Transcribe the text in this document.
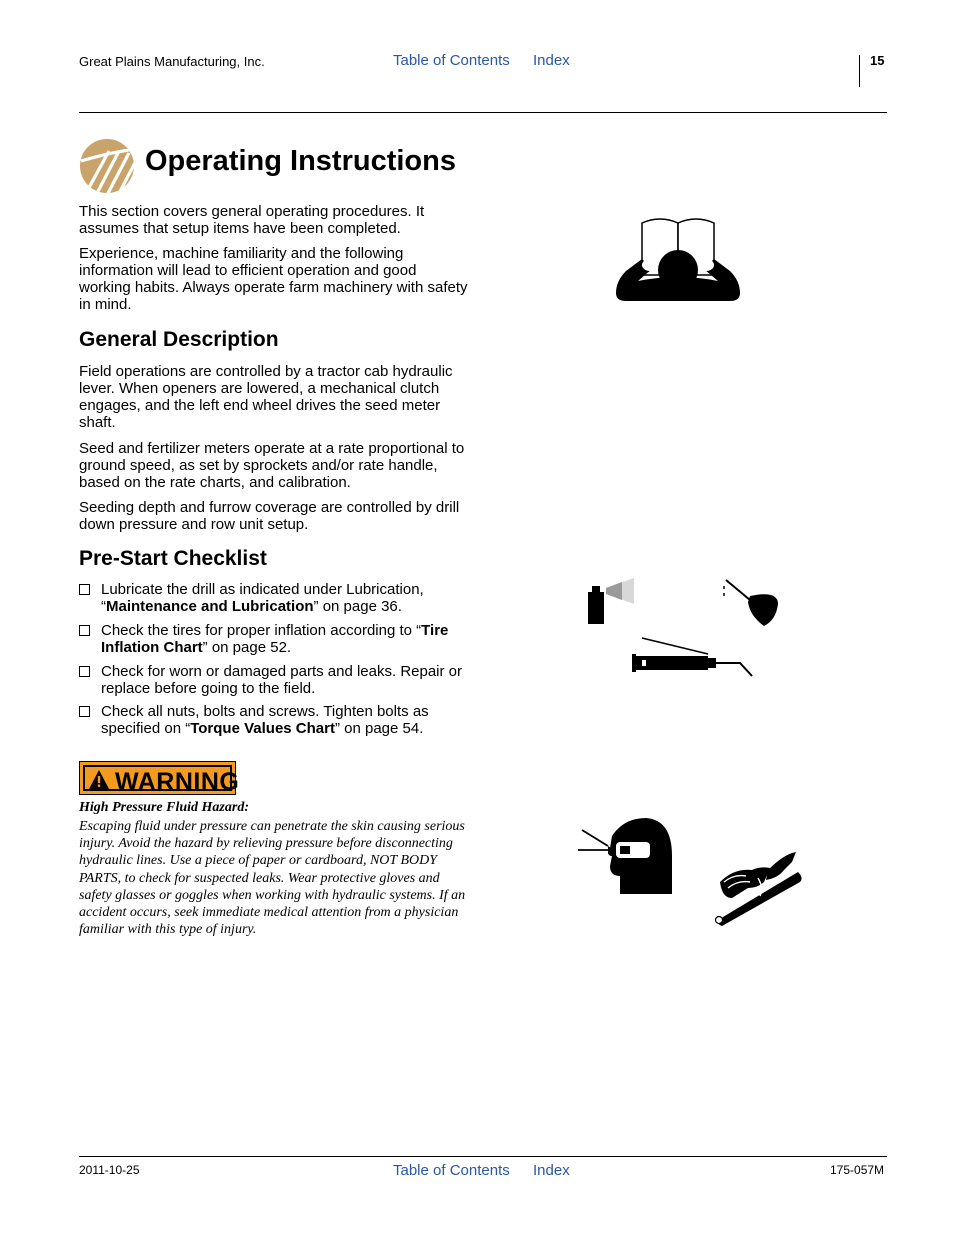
Great Plains Manufacturing, Inc.	Table of Contents Index	15
Operating Instructions

This section covers general operating procedures. It assumes that setup items have been completed.

Experience, machine familiarity and the following information will lead to efficient operation and good working habits. Always operate farm machinery with safety in mind.

General Description

Field operations are controlled by a tractor cab hydraulic lever. When openers are lowered, a mechanical clutch engages, and the left end wheel drives the seed meter shaft.

Seed and fertilizer meters operate at a rate proportional to ground speed, as set by sprockets and/or rate handle, based on the rate charts, and calibration.

Seeding depth and furrow coverage are controlled by drill down pressure and row unit setup.

Pre-Start Checklist
Lubricate the drill as indicated under Lubrication, “Maintenance and Lubrication” on page 36.
Check the tires for proper inflation according to “Tire Inflation Chart” on page 52.
Check for worn or damaged parts and leaks. Repair or replace before going to the field.
Check all nuts, bolts and screws. Tighten bolts as specified on “Torque Values Chart” on page 54.
WARNING
High Pressure Fluid Hazard:
Escaping fluid under pressure can penetrate the skin causing serious injury. Avoid the hazard by relieving pressure before disconnecting hydraulic lines. Use a piece of paper or cardboard, NOT BODY PARTS, to check for suspected leaks. Wear protective gloves and safety glasses or goggles when working with hydraulic systems. If an accident occurs, seek immediate medical attention from a physician familiar with this type of injury.
2011-10-25	Table of Contents Index	175-057M
